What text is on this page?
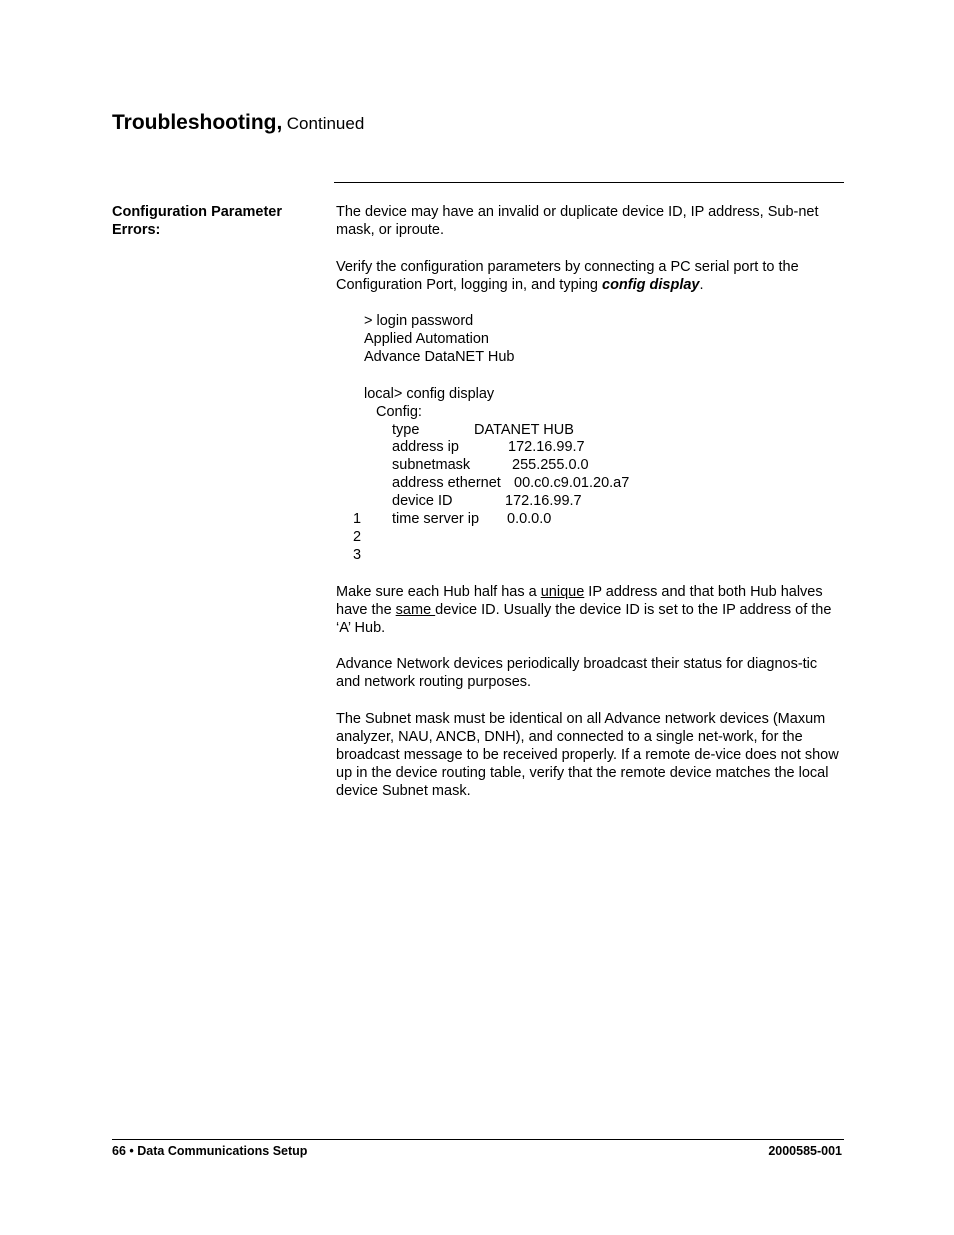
Troubleshooting, Continued
Configuration Parameter Errors:

The device may have an invalid or duplicate device ID, IP address, Sub-net mask, or iproute.

Verify the configuration parameters by connecting a PC serial port to the Configuration Port, logging in, and typing config display.

> login password
Applied Automation
Advance DataNET Hub
local> config display
Config:
type	DATANET HUB
address ip	172.16.99.7
subnetmask	255.255.0.0
address ethernet 00.c0.c9.01.20.a7
device ID	172.16.99.7
1 time server ip 0.0.0.0
2
3

Make sure each Hub half has a unique IP address and that both Hub halves have the same device ID. Usually the device ID is set to the IP address of the ‘A’ Hub.

Advance Network devices periodically broadcast their status for diagnos-tic and network routing purposes.

The Subnet mask must be identical on all Advance network devices (Maxum analyzer, NAU, ANCB, DNH), and connected to a single net-work, for the broadcast message to be received properly. If a remote de-vice does not show up in the device routing table, verify that the remote device matches the local device Subnet mask.

66 • Data Communications Setup	2000585-001
